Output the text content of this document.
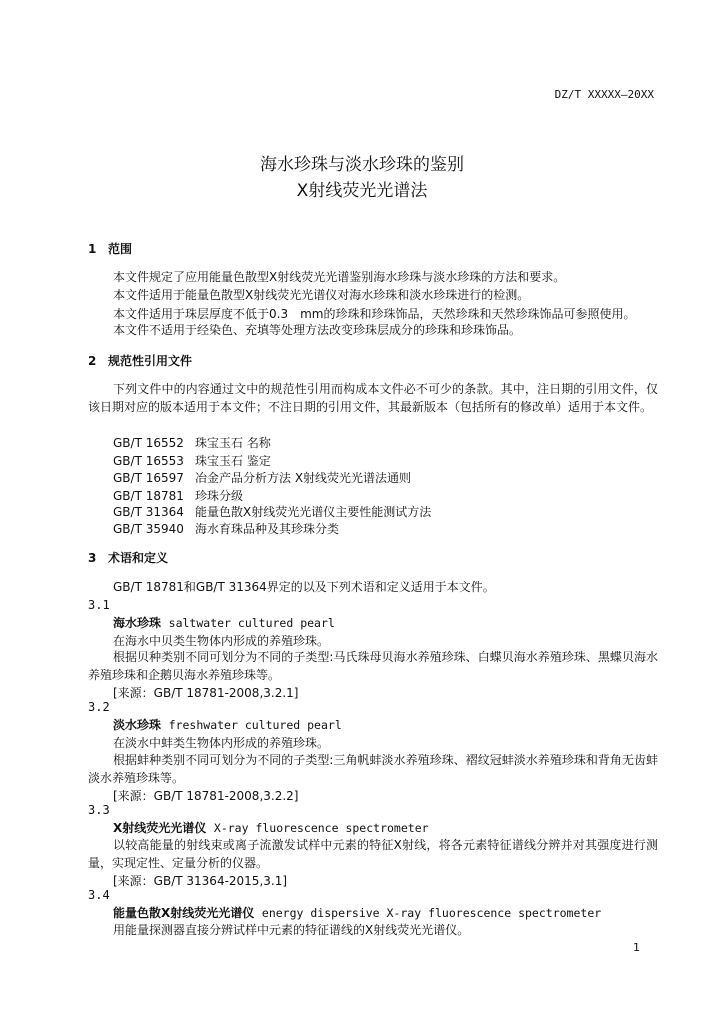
DZ/T XXXXX—20XX
海水珍珠与淡水珍珠的鉴别
X射线荧光光谱法
1 范围
本文件规定了应用能量色散型X射线荧光光谱鉴别海水珍珠与淡水珍珠的方法和要求。
本文件适用于能量色散型X射线荧光光谱仪对海水珍珠和淡水珍珠进行的检测。
本文件适用于珠层厚度不低于0.3　mm的珍珠和珍珠饰品，天然珍珠和天然珍珠饰品可参照使用。
本文件不适用于经染色、充填等处理方法改变珍珠层成分的珍珠和珍珠饰品。
2 规范性引用文件
下列文件中的内容通过文中的规范性引用而构成本文件必不可少的条款。其中，注日期的引用文件，仅该日期对应的版本适用于本文件；不注日期的引用文件，其最新版本（包括所有的修改单）适用于本文件。
GB/T 16552 珠宝玉石 名称
GB/T 16553 珠宝玉石 鉴定
GB/T 16597 冶金产品分析方法 X射线荧光光谱法通则
GB/T 18781 珍珠分级
GB/T 31364 能量色散X射线荧光光谱仪主要性能测试方法
GB/T 35940 海水育珠品种及其珍珠分类
3 术语和定义
GB/T 18781和GB/T 31364界定的以及下列术语和定义适用于本文件。
3.1
海水珍珠 saltwater cultured pearl
在海水中贝类生物体内形成的养殖珍珠。
根据贝种类别不同可划分为不同的子类型:马氏珠母贝海水养殖珍珠、白蝶贝海水养殖珍珠、黑蝶贝海水养殖珍珠和企鹅贝海水养殖珍珠等。
[来源：GB/T 18781-2008,3.2.1]
3.2
淡水珍珠 freshwater cultured pearl
在淡水中蚌类生物体内形成的养殖珍珠。
根据蚌种类别不同可划分为不同的子类型:三角帆蚌淡水养殖珍珠、褶纹冠蚌淡水养殖珍珠和背角无齿蚌淡水养殖珍珠等。
[来源：GB/T 18781-2008,3.2.2]
3.3
X射线荧光光谱仪 X-ray fluorescence spectrometer
以较高能量的射线束或离子流激发试样中元素的特征X射线，将各元素特征谱线分辨并对其强度进行测量，实现定性、定量分析的仪器。
[来源：GB/T 31364-2015,3.1]
3.4
能量色散X射线荧光光谱仪 energy dispersive X-ray fluorescence spectrometer
用能量探测器直接分辨试样中元素的特征谱线的X射线荧光光谱仪。
1
